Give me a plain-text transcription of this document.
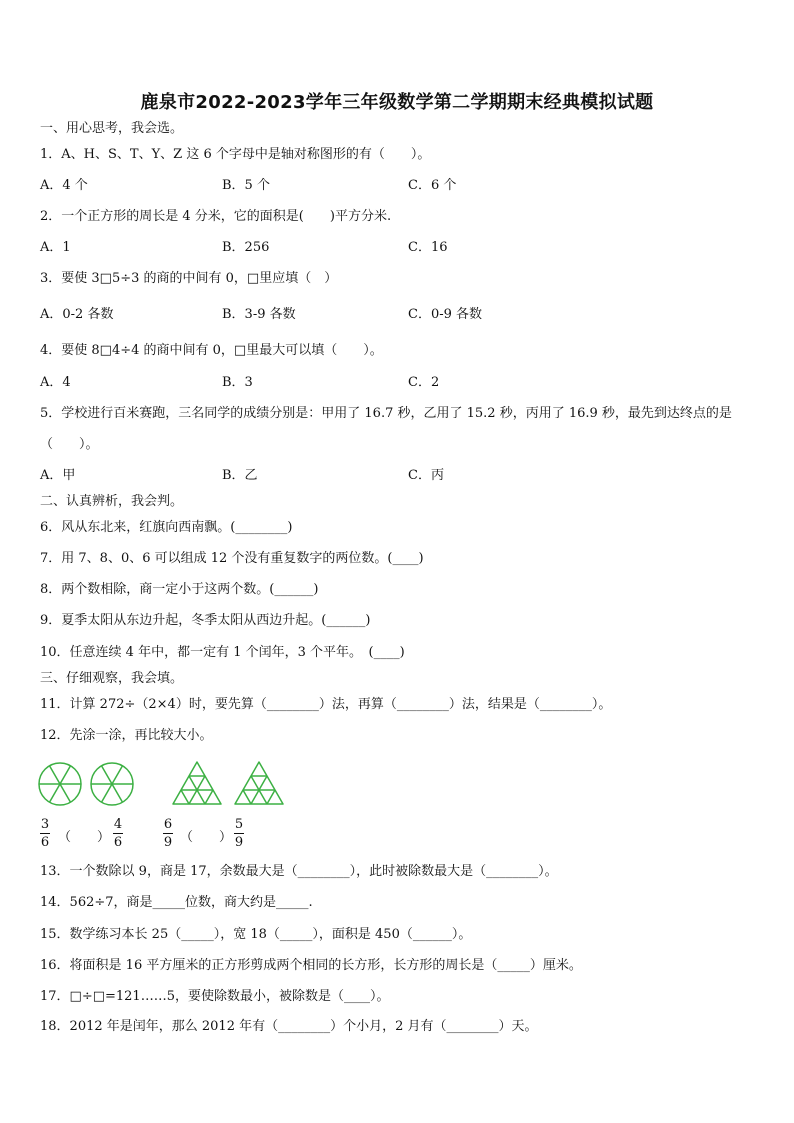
鹿泉市2022-2023学年三年级数学第二学期期末经典模拟试题
一、用心思考，我会选。
1．A、H、S、T、Y、Z 这 6 个字母中是轴对称图形的有（　　）。
A．4 个	B．5 个	C．6 个
2．一个正方形的周长是 4 分米，它的面积是(　　)平方分米.
A．1	B．256	C．16
3．要使 3□5÷3 的商的中间有 0，□里应填（　）
A．0-2 各数	B．3-9 各数	C．0-9 各数
4．要使 8□4÷4 的商中间有 0，□里最大可以填（　　）。
A．4	B．3	C．2
5．学校进行百米赛跑，三名同学的成绩分别是：甲用了 16.7 秒，乙用了 15.2 秒，丙用了 16.9 秒，最先到达终点的是
（　　）。
A．甲	B．乙	C．丙
二、认真辨析，我会判。
6．风从东北来，红旗向西南飘。(________)
7．用 7、8、0、6 可以组成 12 个没有重复数字的两位数。(____)
8．两个数相除，商一定小于这两个数。(______)
9．夏季太阳从东边升起，冬季太阳从西边升起。(______)
10．任意连续 4 年中，都一定有 1 个闰年，3 个平年。　(____)
三、仔细观察，我会填。
11．计算 272÷（2×4）时，要先算（________）法，再算（________）法，结果是（________）。
12．先涂一涂，再比较大小。
3
6 （　　）
4
6
6
9 （　　）
5
9
13．一个数除以 9，商是 17，余数最大是（________），此时被除数最大是（________）。
14．562÷7，商是_____位数，商大约是_____.
15．数学练习本长 25（_____），宽 18（_____），面积是 450（______）。
16．将面积是 16 平方厘米的正方形剪成两个相同的长方形，长方形的周长是（_____）厘米。
17．□÷□=121……5，要使除数最小，被除数是（____）。
18．2012 年是闰年，那么 2012 年有（________）个小月，2 月有（________）天。
